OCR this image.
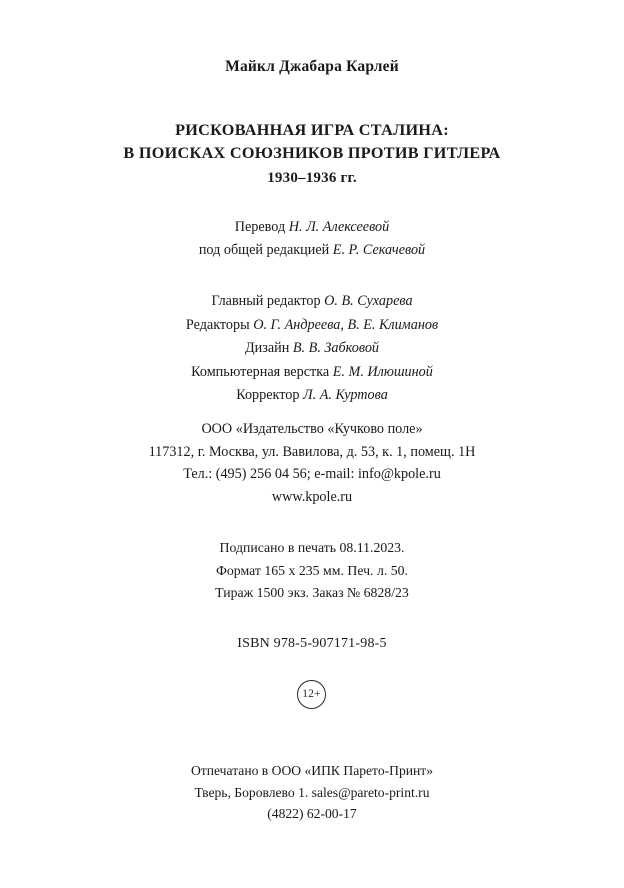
Майкл Джабара Карлей
РИСКОВАННАЯ ИГРА СТАЛИНА:
В ПОИСКАХ СОЮЗНИКОВ ПРОТИВ ГИТЛЕРА
1930–1936 гг.
Перевод Н. Л. Алексеевой
под общей редакцией Е. Р. Секачевой
Главный редактор О. В. Сухарева
Редакторы О. Г. Андреева, В. Е. Климанов
Дизайн В. В. Забковой
Компьютерная верстка Е. М. Илюшиной
Корректор Л. А. Куртова
ООО «Издательство «Кучково поле»
117312, г. Москва, ул. Вавилова, д. 53, к. 1, помещ. 1Н
Тел.: (495) 256 04 56; e-mail: info@kpole.ru
www.kpole.ru
Подписано в печать 08.11.2023.
Формат 165 x 235 мм. Печ. л. 50.
Тираж 1500 экз. Заказ № 6828/23
ISBN 978-5-907171-98-5
12+
Отпечатано в ООО «ИПК Парето-Принт»
Тверь, Боровлево 1. sales@pareto-print.ru
(4822) 62-00-17
